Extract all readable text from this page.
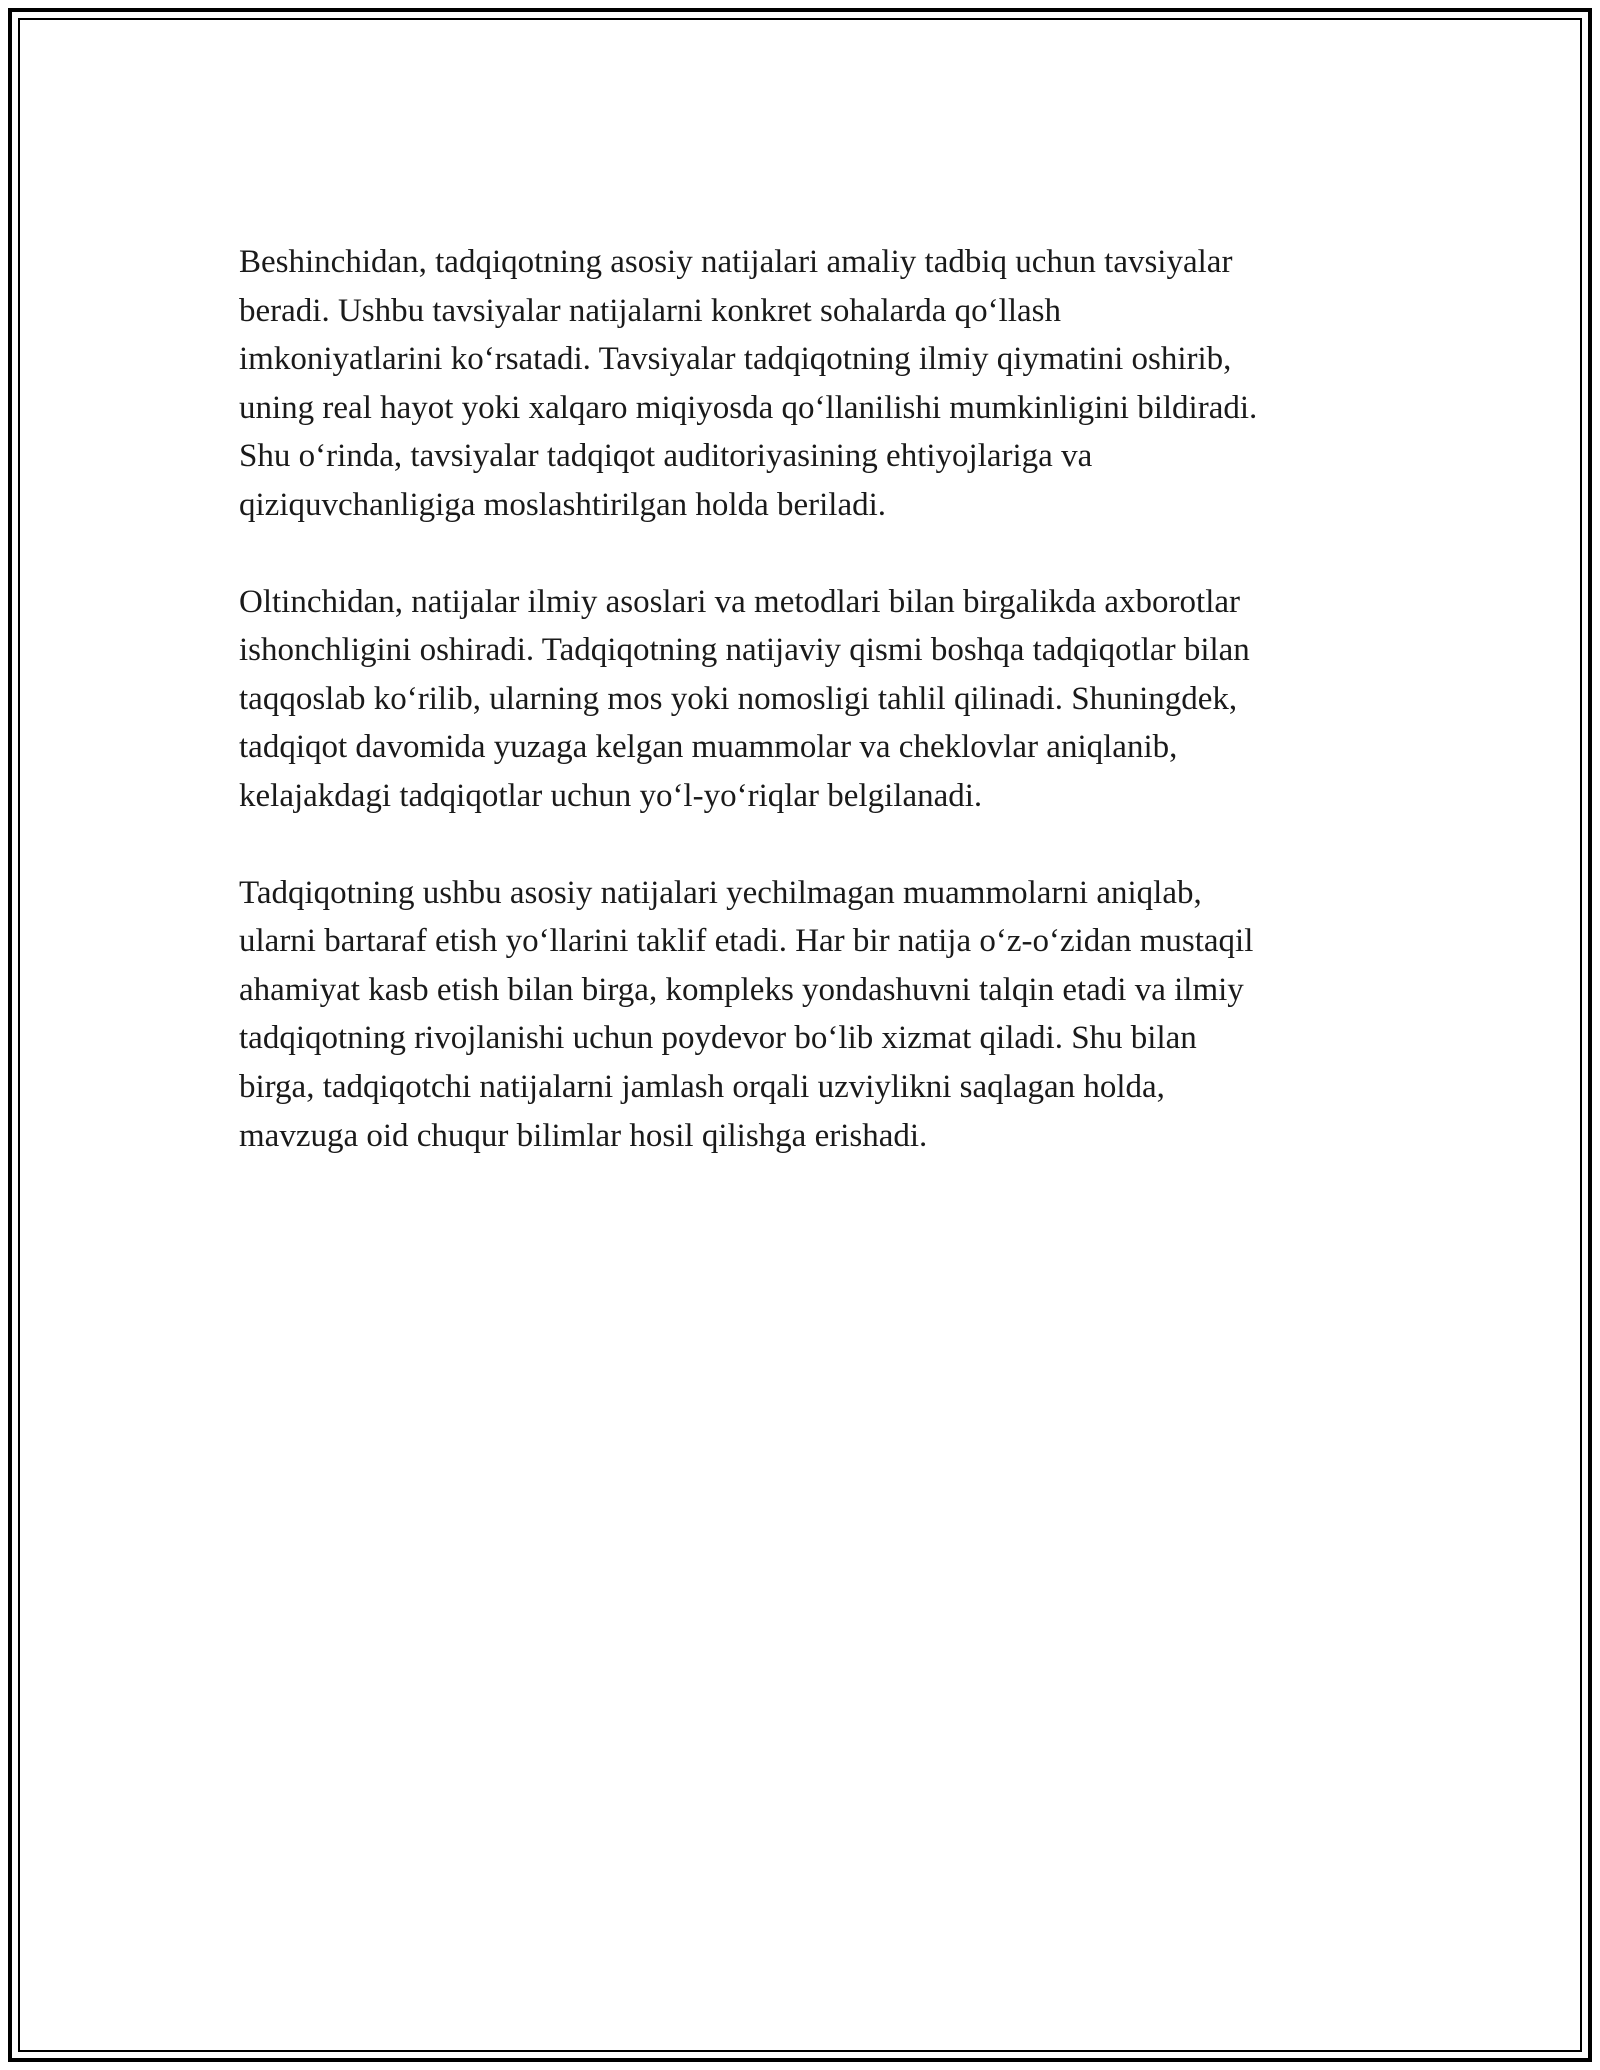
Beshinchidan, tadqiqotning asosiy natijalari amaliy tadbiq uchun tavsiyalar
beradi. Ushbu tavsiyalar natijalarni konkret sohalarda qo‘llash
imkoniyatlarini ko‘rsatadi. Tavsiyalar tadqiqotning ilmiy qiymatini oshirib,
uning real hayot yoki xalqaro miqiyosda qo‘llanilishi mumkinligini bildiradi.
Shu o‘rinda, tavsiyalar tadqiqot auditoriyasining ehtiyojlariga va
qiziquvchanligiga moslashtirilgan holda beriladi.

Oltinchidan, natijalar ilmiy asoslari va metodlari bilan birgalikda axborotlar
ishonchligini oshiradi. Tadqiqotning natijaviy qismi boshqa tadqiqotlar bilan
taqqoslab ko‘rilib, ularning mos yoki nomosligi tahlil qilinadi. Shuningdek,
tadqiqot davomida yuzaga kelgan muammolar va cheklovlar aniqlanib,
kelajakdagi tadqiqotlar uchun yo‘l-yo‘riqlar belgilanadi.

Tadqiqotning ushbu asosiy natijalari yechilmagan muammolarni aniqlab,
ularni bartaraf etish yo‘llarini taklif etadi. Har bir natija o‘z-o‘zidan mustaqil
ahamiyat kasb etish bilan birga, kompleks yondashuvni talqin etadi va ilmiy
tadqiqotning rivojlanishi uchun poydevor bo‘lib xizmat qiladi. Shu bilan
birga, tadqiqotchi natijalarni jamlash orqali uzviylikni saqlagan holda,
mavzuga oid chuqur bilimlar hosil qilishga erishadi.
